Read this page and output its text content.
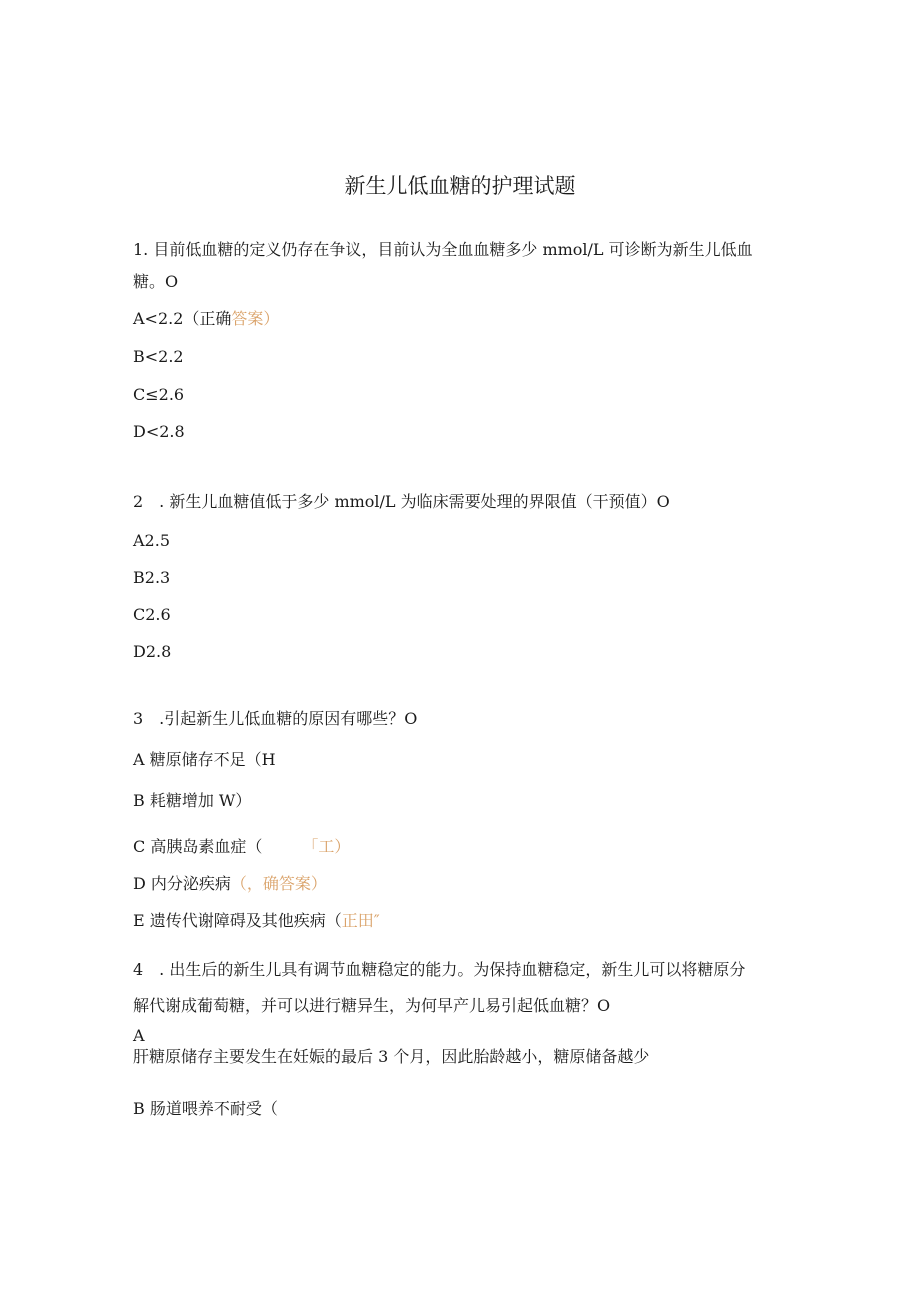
新生儿低血糖的护理试题
1. 目前低血糖的定义仍存在争议，目前认为全血血糖多少 mmol/L 可诊断为新生儿低血
糖。O
A<2.2（正确答案）
B<2.2
C≤2.6
D<2.8
2　. 新生儿血糖值低于多少 mmol/L 为临床需要处理的界限值（干预值）O
A2.5
B2.3
C2.6
D2.8
3　.引起新生儿低血糖的原因有哪些？O
A 糖原储存不足（H
B 耗糖增加 W）
C 高胰岛素血症（　　　「工）
D 内分泌疾病（，确答案）
E 遗传代谢障碍及其他疾病（正田″
4　. 出生后的新生儿具有调节血糖稳定的能力。为保持血糖稳定，新生儿可以将糖原分
解代谢成葡萄糖，并可以进行糖异生，为何早产儿易引起低血糖？O
A
肝糖原储存主要发生在妊娠的最后 3 个月，因此胎龄越小，糖原储备越少
B 肠道喂养不耐受（
